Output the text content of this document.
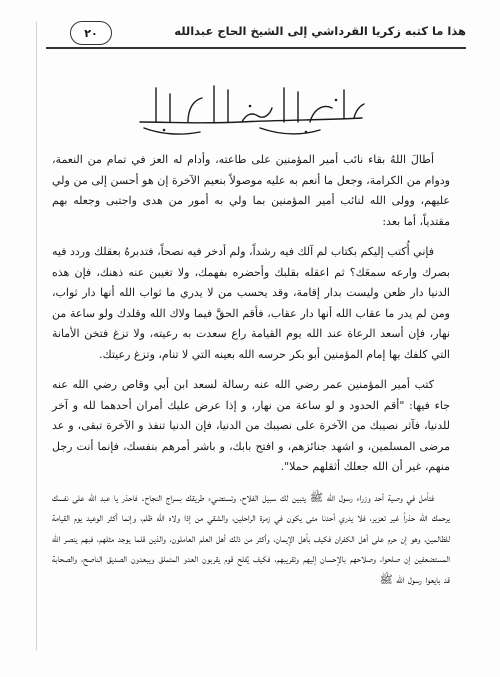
هذا ما كتبه زكريا القرداشي إلى الشيخ الحاج عبدالله
٢٠

أطالَ اللهُ بقاء نائب أمير المؤمنين على طاعته، وأدام له العز في تمام من النعمة، ودوام من الكرامة، وجعل ما أنعم به عليه موصولاً بنعيم الآخرة إن هو أحسن إلى من ولي عليهم، وولى الله لنائب أمير المؤمنين بما ولي به أمور من هدى واجتبى وجعله بهم مقتدياً، أما بعد:

فإني أُكتب إليكم بكتاب لم آلك فيه رشداً، ولم أدخر فيه نصحاً، فتدبرهُ بعقلك وردد فيه بصرك وارعه سمعَك؟ ثم اعقله بقلبك وأحضره بفهمك، ولا تغيبن عنه ذهنك، فإن هذه الدنيا دار ظعن وليست بدار إقامة، وقد يحسب من لا يدري ما ثواب الله أنها دار ثواب، ومن لم يدر ما عقاب الله أنها دار عقاب، فأقم الحقَّ فيما ولاك الله وقلدك ولو ساعة من نهار، فإن أسعد الرعاة عند الله يوم القيامة راع سعدت به رعيته، ولا تزغ فتخن الأمانة التي كلفك بها إمام المؤمنين أبو بكر حرسه الله بعينه التي لا تنام، وتزغ رعيتك.

كتب أمير المؤمنين عمر رضي الله عنه رسالة لسعد ابن أبي وقاص رضي الله عنه جاء فيها: "أقم الحدود و لو ساعة من نهار، و إذا عرض عليك أمران أحدهما لله و آخر للدنيا، فآثر نصيبك من الآخرة على نصيبك من الدنيا، فإن الدنيا تنفذ و الآخرة تبقى، و عد مرضى المسلمين، و اشهد جنائزهم، و افتح بابك، و باشر أمرهم بنفسك، فإنما أنت رجل منهم، غير أن الله جعلك أثقلهم حملا".

فتأمل في وصية أحد وزراء رسول الله ﷺ يتبين لك سبيل الفلاح، وتستضيء طريقك بسراج النجاح. فاحذر يا عبد الله على نفسك يرحمك الله حذراً غير تعزير، فلا يدري أحدنا متى يكون في زمرة الراحلين، والشقي من إذا ولاه الله ظلم، وإنما أكثر الوعيد يوم القيامة للظالمين، وهو إن حرم على أهل الكفران فكيف بأهل الإيمان، وأكثر من ذلك أهل العلم العاملون، والذين قلما يوجد مثلهم، فبهم ينصر الله المستضعفين إن صلحوا، وصلاحهم بالإحسان إليهم وتقريبهم، فكيف يُفلح قوم يقربون العدو المتملق ويبعدون الصديق الناصح، والصحابة قد بايعوا رسول الله ﷺ
